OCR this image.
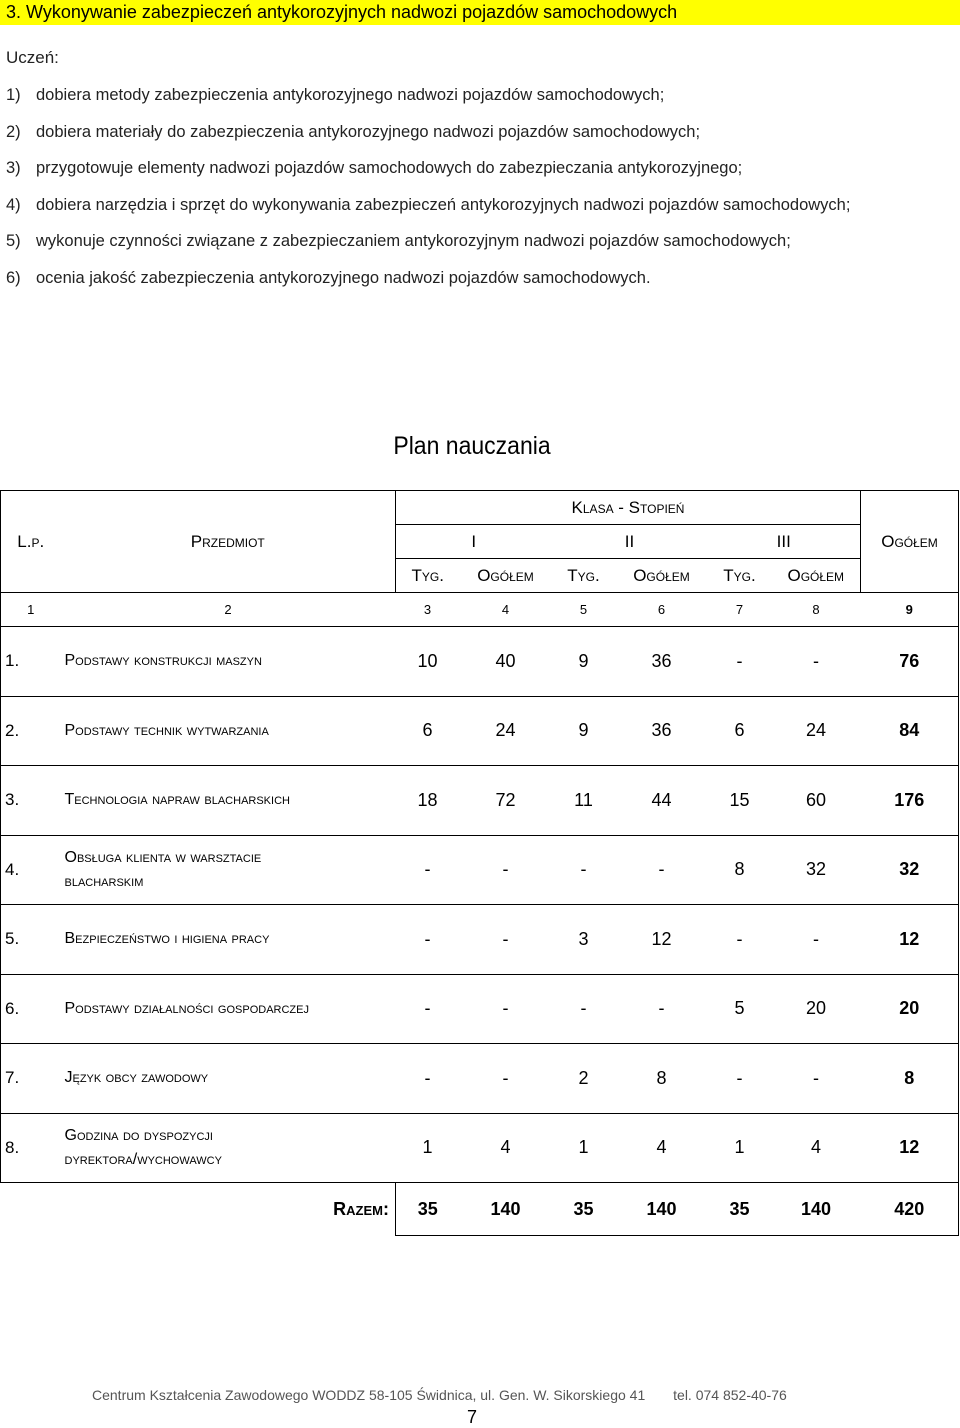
3. Wykonywanie zabezpieczeń antykorozyjnych nadwozi pojazdów samochodowych
Uczeń:
1) dobiera metody zabezpieczenia antykorozyjnego nadwozi pojazdów samochodowych;
2) dobiera materiały do zabezpieczenia antykorozyjnego nadwozi pojazdów samochodowych;
3) przygotowuje elementy nadwozi pojazdów samochodowych do zabezpieczania antykorozyjnego;
4) dobiera narzędzia i sprzęt do wykonywania zabezpieczeń antykorozyjnych nadwozi pojazdów samochodowych;
5) wykonuje czynności związane z zabezpieczaniem antykorozyjnym nadwozi pojazdów samochodowych;
6) ocenia jakość zabezpieczenia antykorozyjnego nadwozi pojazdów samochodowych.
Plan nauczania
		Klasa - Stopień						
L.p.	Przedmiot	I		II		III		Ogółem
		Tyg.	Ogółem	Tyg.	Ogółem	Tyg.	Ogółem	
1	2	3	4	5	6	7	8	9
1.	Podstawy konstrukcji maszyn	10	40	9	36	-	-	76
2.	Podstawy technik wytwarzania	6	24	9	36	6	24	84
3.	Technologia napraw blacharskich	18	72	11	44	15	60	176
4.	Obsługa klienta w warsztacie blacharskim	-	-	-	-	8	32	32
5.	Bezpieczeństwo i higiena pracy	-	-	3	12	-	-	12
6.	Podstawy działalności gospodarczej	-	-	-	-	5	20	20
7.	Język obcy zawodowy	-	-	2	8	-	-	8
8.	Godzina do dyspozycji dyrektora/wychowawcy	1	4	1	4	1	4	12
	Razem:	35	140	35	140	35	140	420
Centrum Kształcenia Zawodowego WODDZ 58-105 Świdnica, ul. Gen. W. Sikorskiego 41 tel. 074 852-40-76
7
